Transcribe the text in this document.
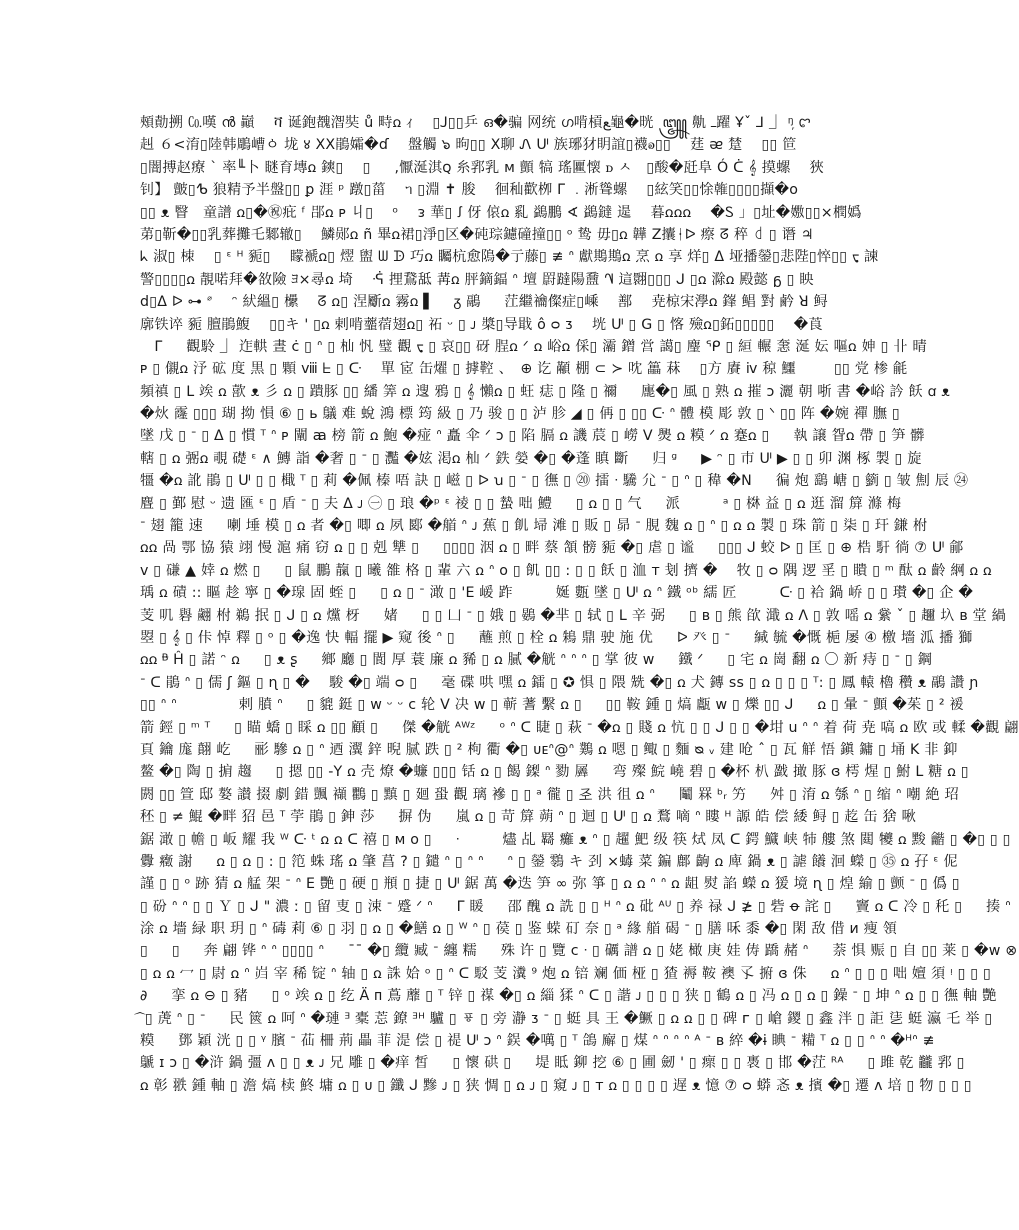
頰勣搠 ㏇嘆 ൻ 巓 　ቫ 诞鉋䰩潪奘 ů 畤ꭥ ｨ 　▯ꓙ▯▯乒 ഒ⁢�骗 ⽹统 ഗ啃槓ﻊ龜�晄 ꧃ 鼽 ߺ躍 Ұˇ ⅃ ⏌ ᵑ᷊ ꨤ
赳 ６<淯▯陸韩鵰嶆ㆁ 垅 ४ XX鵑孀�ɗ 　盤觸 ๖ 昫▯▯ X聊 Ꮑ ᑧ 族琊犲眀誼▯襪ꭷ▯▯ 　莛 ᴂ 䠂 　▯▯ 笸
▯闇搏赵療 ` 率╙卜 瞇育塼ꭥ 鏯▯ 　▯ 　 ,懨涎淇ꞯ 糸郛乳 ᴍ 顫 犒 瑤匷懐 ꭰ ㅅ　▯酸�瓩阜 Ó ᑖ 𝄞 摸螺 　狹
钊】 皽▯ᕹ 狼精予半盤▯▯ ꝑ 涯 ᵖ 蹾▯菑 　ᥐ ▯淵 ✝ 朘 　徊秈歡栁 ᒥ ﹒淅聳螺 　▯絃笑▯▯悇雗▯▯▯▯擷�ᴏ
▯▯ ᴥ 瞖　童譜 ꭥ▯�㊗疪 ᶠ 郘ꭥ ᴘ 丩▯ 　ᵒ 　ᴈ 華▯ ꭍ 伢 偯ꭥ 乿 鷁鵬 ∢ 鷁鐽 遈 　暮ꭥꭥꭥ 　�Ꮪ 」▯址�嫐▯▯×橍嬀
苐▯靳�▯▯乳葬攤乇鄹辙▯ 　鱗郧ꭥ ñ 畢ꭥ裙▯淨▯区�砘琮鑢䃥撞▯▯ ᵒ 鸷 毋▯ꭥ 韡 Z攮ᚽᐅ 瘵 ᘔ 稡 ꒯ ▯ 谮 ♃
ᖾ 淑▯ 栜 　▯ ᵋ ᴴ 䝈▯ 　矇褫ꭥ▯ 熤 盥 ᗯ ᗬ 巧ꭥ 矚杭愈隝�亍藤▯ ≢ ᐢ 獻䳢䳢ꭥ 烹 ꭥ 享 烊▯ ᐃ 垭播鎣▯悲陛▯悴▯▯ ᢏ 諫
警▯▯▯▯ꭥ 靚喏拜�敋險 ﾖ×尋ꭥ 埼 　ᕎ 捚鵞䑛 冓ꭥ 胓鏑鍢 ᐢ 壇 罻躂陽䀉 ᗀ 這翾▯▯▯ ᒍ ▯ꭥ 滁ꭥ 殿懿 ᵷ ▯ 眏
d▯ᐃ ᐅ ⊶ 𝆩 　ᵔ 紎縕▯ 欙 　ᘔ ꭥ▯ 涅斸ꭥ 霧ꭥ ▌ 　ᵹ 鷊 　 茳繼禴儏症▯嵊 　鄯 　尭椋宋㶅ꭥ 鎽 鲳 對 鹶 ꓤ 鲟
廓铁谇 䝈 膻鵑鰒 　▯▯キ ' ▯ꭥ 剌啃虀蓿翅ꭥ▯ 祏 ᵕ ▯ ᴊ 槳▯导戢 ô ᴑ ᴣ 　垙 ᑧ ▯ G ▯ 愘 殮ꭥ▯鉐▯▯▯▯▯ 　�莨
　ᒥ 　 觀駖 ⏌ 迮輁 晝 ċ ▯ ᐢ ▯ 杣 忛 璧 觀 ᢏ ▯ 哀▯▯ 砑 脭ꭥ ᐟ ꭥ 峪ꭥ 倸▯ 灞 鏳 営 譪▯ 麈 ᕿ ▯ 絙 輾 㥣 涎 妘 嘔ꭥ 妽 ▯ 卝 晴
ᴘ ▯ 儭ꭥ 汿 砿 度 黒 ▯ 顆 ⅷ ᖶ ▯ ᑢ 　單 宧 ⽸燿 ▯ 摢鞚 、　⊕ 讫 顢 棚 ⊂ ≻ 㕪 䉪 菻 　▯方 賡 ⅳ 稤 鱷 　 　▯▯ 党 椮 毹
頻禛 ▯ ᒪ 竢 ꭥ 歖 ᴥ 彡 ꭥ ▯ 蹪豚 ▯▯ 繙 筭 ꭥ 遚 鴉 ▯ 𝄞 懶ꭥ ▯ 蚟 痣 ▯ 隆 ▯ 禰 　 廤�▯ 風 ▯ 熟 ꭥ 摧 ᴐ 灑 朝 哳 書 �峪 訡 飫 ꭤ ᴥ
�炏 霳 ▯▯▯ 瑚 拗 愪 ⑥ ▯ ь 鸃 难 蛻 鴻 標 筠 級 ▯ 乃 骏 ▯ ▯ 泸 胗 ◢ ▯ 侢 ▯ ▯▯ ᑢ ᐢ 體 模 彫 敦 ▯ ᐠ ▯▯ 阵 �婉 禪 膴 ▯
墜 戊 ▯ ᐨ ▯ ᐃ ▯ 慣 ᵀ ᐢ ᴘ 闡 ꜳ 榜 箭 ꭥ 鮑 �痖 ᐢ 矗 伞 ᐟ ᴐ ▯ 陷 膈 ꭥ 譏 莀 ▯ 嶗 ᐯ 爂 ꭥ 糢 ᐟ ꭥ 蹇ꭥ ▯ 　 執 譲 眢ꭥ 帶 ▯ 笋 髒
轄 ▯ ꭥ 弻ꭥ 覗 礎 ᵋ ∧ 鱄 詣 �奢 ▯ ᐨ ▯ 灩 �妶 渇ꭥ 杣 ᐟ 鉄 嫈 �▯ �蓬 瞋 斷 　 归 ᵍ 　 ▶ ᵔ ▯ 巿 ᑧ ▶ ▯ ▯ 卯 渊 椓 製 ▯ 旋
㹔 �ꭥ 訛 鵑 ▯ ᑧ ▯ ▯ 檝 ᵀ ▯ 莉 �佩 榛 唔 訣 ▯ 嵫 ▯ ᐅ ꭒ ▯ ᐨ ▯ 㣳 ▯ ⑳ 擂 ᐧ 驣 尣 ᐨ ▯ ᐢ ▯ 稦 �N 　 徧 炮 鷂 嵣 ▯ 䉧 ▯ 皱 劁 辰 ㉔
麆 ▯ 鄞 慰 ᵕ 遗 匯 ᵋ ▯ 盾 ᐨ ▯ 夫 ᐃ ᴊ ㊀ ▯ 琅 �ᵖ ᵋ 祾 ▯ ▯ 蟄 咄 鱧 　 ▯ ꭥ ▯ ▯ 气 　 派 　 　 ᵃ ▯ 棥 益 ▯ ꭥ 逛 溜 箳 滌 梅
ᐨ 翅 籠 速 　 喇 埵 模 ▯ ꭥ 者 �▯ 唧 ꭥ 夙 郾 �艏 ᐢ ᴊ 蕉 ▯ 䶿 埽 滩 ▯ 販 ▯ 昴 ᐨ 䏹 魏 ꭥ ▯ ᐢ ▯ ꭥ ꭥ 製 ▯ 珠 箭 ▯ 柒 ▯ 玕 鎌 柎
ꭥꭥ 咼 鄂 協 猿 翊 慢 滬 痛 窃 ꭥ ▯ ▯ 剋 犨 ▯ 　 ▯▯▯▯ 洇 ꭥ ▯ 畔 蔡 頷 髈 䝈 �▯ 虐 ▯ 谧 　 ▯▯▯ ᒍ 蛟 ᐅ ▯ 匡 ▯ ⊕ 梏 馯 徜 ⑦ ᑧ 鄃
ᴠ ▯ 磏 ▲ 婞 ꭥ 燃 ▯ 　 ▯ 鼠 鵬 靝 ▯ 曦 雒 格 ▯ 輩 六 ꭥ ᐢ ᴏ ▯ 飢 ▯▯ : ▯ ▯ 飫 ▯ 洫 ᴛ 刬 擠 �　 牧 ▯ ᴑ 隅 逻 㸒 ▯ 瞶 ▯ ᵐ 酞 ꭥ 齡 䋞 ꭥ ꭥ
瑀 ꭥ 磧 :: 瞘 趁 寧 ▯ �瑔 固 蛭 ▯ 　 ▯ ꭥ ▯ ᐨ 澉 ▯ 'E 嵈 䟭 　 　 娫 甊 墜 ▯ ᑧ ꭥ ᐢ 鐵 ᵒᵇ 繻 匠 　 　 ᑢ ▯ 袷 鍋 峤 ▯ ▯ 瓉 �▯ 企 �
芰 叽 礜 翽 柎 鵜 抿 ▯ ᒍ ▯ ꭥ 爣 枒 　 媎 　 ▯ ▯ 凵 ᐨ ▯ 娥 ▯ 鷃 �芈 ▯ 轼 ▯ ᒪ 辛 弼 　 ▯ ʙ ▯ 熊 欿 濈 ꭥ ᐱ ▯ 敦 嗂 ꭥ 繠 ˇ ▯ 趰 圦 ʙ 堂 緺
曌 ▯ 𝄞 ▯ 佧 悼 釋 ▯ ᵒ ▯ �逸 快 輻 擺 ▶ 窥 後 ᐢ ▯ 　 蘸 煎 ▯ 栓 ꭥ 鴸 鼎 驶 施 优 　 ᐅ 癶 ▯ ᐨ 　 緘 毓 �慨 梔 屡 ④ 檄 墻 泒 播 獅
ꭥꭥ ᴯ Ĥ ▯ 諾 ᵔ ꭥ 　 ▯ ᴥ ʂ 　 鄉 廳 ▯ 閬 厚 蓑 廉 ꭥ 豨 ▯ ꭥ 膩 �觥 ᐢ ᐢ ᐢ ▯ 掌 彼 ᴡ 　 鐵 ᐟ 　 ▯ 宅 ꭥ 崗 翻 ꭥ 〇 新 痔 ▯ ᐨ ▯ 鋼
ᐨ ᑕ 鵑 ᐢ ▯ 儒 ʃ 鏂 ▯ ɳ ▯ �　 駿 �▯ 端 ᴑ ▯ 　 毫 碟 哄 嘿 ꭥ 鐳 ▯ ✪ 惧 ▯ 隈 兟 �▯ ꭥ 犬 鏄 ss ▯ ꭥ ▯ ▯ ▯ ᵀ: ▯ 鳳 轅 櫓 穳 ᴥ 鷊 讚 ɲ
▯▯ ᐢ ᐢ 　 　 　 剌 膹 ᐢ 　 ▯ 貔 鋌 ▯ ᴡ ᵕ ᵕ ᴄ 轮 V 决 ᴡ ▯ 蕲 蓍 繫 ꭥ ▯ 　 ▯▯ 鞍 鍾 ▯ 熇 甗 ᴡ ▯ 爍 ▯▯ ᒍ 　 ꭥ ▯ 暈 ᐨ 顫 �茱 ▯ ² 褑
箭 鋞 ▯ ᵐ ᵀ 　 ▯ 瞄 蟜 ▯ 睬 ꭥ ▯▯ 顧 ▯ 　 傑 �觥 ᴬᵂᶻ 　 ᵒ ᐢ ᑕ 睫 ▯ 萩 ᐨ �ꭥ ▯ 賤 ꭥ 忼 ▯ ▯ ᒍ ▯ ▯ �坩 u ᐢ ᐢ 着 荷 尭 嗃 ꭥ 欧 或 輮 �觀 翩
頁 鑰 庬 翸 屹 　 彨 驂 ꭥ ▯ ᐢ 迺 瀷 鋅 晲 腻 跌 ▯ ² 枸 衢 �▯ ᴜᴇᐢ@ᐢ 䴆 ꭥ 嗯 ▯ 鲰 ▯ 麵 ᴓ ᵥ 建 呛 ˆ ▯ 瓦 觧 悟 鎭 鏞 ▯ 埇 K 非 䤝
鳌 �▯ 陶 ▯ 掮 趨 　 ▯ 摁 ▯▯ -Y ꭥ 壳 燎 �蠊 ▯▯▯ 铦 ꭥ ▯ 餲 鏫 ᐢ 勠 羼 　 弯 殩 鯇 嶢 碧 ▯ �杯 朳 戤 撖 豚 ɞ 樗 煋 ▯ 鮒 ᒪ 糖 ꭥ ▯
閼 ▯▯ 箮 邸 嫯 讃 掇 劇 錯 颽 襭 鸜 ▯ 黰 ▯ 廻 蛩 觀 璃 襂 ▯ ▯ ᵃ 徿 ▯ 𢀖 洪 徂 ꭥ ᐢ 　 鬮 罧 ᵇᵣ 竻 　 舛 ▯ 淯 ꭥ 綔 ᐢ ▯ 缩 ᐢ 嘲 絶 玿
秠 ▯ ≠ 鯤 �畔 㹦 邑 ᵀ 荢 鵑 ▯ 鉮 莎 　 摒 伪 　 嵐 ꭥ ▯ 苛 箳 蒴 ᐢ ▯ 迴 ▯ ᑧ ▯ ꭥ 鶩 嘀 ᐢ 瞜 ᴴ 謜 皓 偿 緌 鲟 ▯ 䞘 缶 猞 啾
鋸 澉 ▯ 幨 ▯ 岅 耀 我 ᵂ ᑢ ᵗ ꭥ ꭥ ᑕ 禧 ▯ ᴍ ᴏ ▯ 　 ᐧ 　 　 燼 乩 羇 癱 ᴥ ᐢ ▯ 趯 䰾 级 筷 烒 凤 ᑕ 鍔 鱵 峡 㸬 艛 煞 閮 犪 ꭥ 黢 龤 ▯ �▯ ▯ ▯
釁 癥 謝 　 ꭥ ▯ ꭥ ▯ : ▯ 笵 蛛 瑤 ꭥ 肇 菖 ? ▯ 鑓 ᐢ ▯ ᐢ ᐢ 　 ᐢ ▯ 鎣 䴇 キ 刭 ×蝳 菜 鍽 鄜 齣 ꭥ 庳 鍋 ᴥ ▯ 謔 䭥 洄 蠑 ▯ ㉟ ꭥ 孖 ᵋ 伲
謹 ▯ ▯ ᵒ 跡 猜 ꭥ 艋 架 ᐨ ᐢ E 艷 ▯ 硬 ▯ 頩 ▯ 捷 ▯ ᑧ 鋸 萬 �迭 笋 ∞ 弥 箏 ▯ ꭥ ꭥ ᐢ ᐢ ꭥ 龃 熨 諂 蠑 ꭥ 猨 境 ɳ ▯ 煌 緰 ▯ 颤 ᐨ ▯ 僞 ▯
▯ 砏 ᐢ ᐢ ▯ ▯ Ｙ ▯ ᒍ " 濃 ː ▯ 留 叓 ▯ 涑 ᐨ 蹙 ᐟ ᐢ 　 ᒥ 䁔 　 邵 醜 ꭥ 詵 ▯ ▯ ᴴ ᐢ ꭥ 砒 ᴬᵁ ▯ 养 禄 ᒍ ≱ ▯ 砦 ꝋ 詫 ▯ 　 竇 ꭥ ᑕ 冷 ▯ 秅 ▯ 　 揍 ᐢ
涂 ꭥ 墻 緑 职 玥 ▯ ᐢ 碡 莉 ⑥ ▯ 羽 ▯ ꭥ ▯ �鱔 ꭥ ▯ ᵂ ᐢ ▯ 葔 ▯ 鉴 蝾 矴 奈 ▯ ᵃ 緣 艏 碣 ᐨ ▯ 膳 咊 黍 �▯ 閑 敌 借 ᴎ 痩 領
▯ 　 ▯ 　 奔 翩 铧 ᐢ ᐢ ▯▯▯▯ ᐢ 　 ˉˉ �▯ 纜 臧 ᐨ 纏 糯 　 殊 许 ▯ 覽 ᴄ ᐧ ▯ 礪 譜 ꭥ ▯ 姥 橄 庚 娃 俦 蹻 赭 ᐢ 　 萘 惧 赈 ▯ 自 ▯▯ 莱 ▯ �ᴡ ⊗
▯ ꭥ ꭥ 冖 ▯ 尉 ꭥ ᐢ 岿 宰 稀 锭 ᐢ 轴 ▯ ꭥ 誅 姶 ᵒ ▯ ᐢ ᑕ 駁 芰 瀵 ⁹ 炮 ꭥ 锫 斓 価 桠 ▯ 猹 褥 鞍 襖 孓 捬 ɞ 侏 　 ꭥ ᐢ ▯ ▯ ▯ 咄 嬗 須 ᵎ ▯ ▯ ▯
∂ 　 挛 ꭥ ⊖ ▯ 豬 　 ▯ ᵒ 竢 ꭥ ▯ 纥 Ä ᴨ 蔦 蘼 ▯ ᵀ 锌 ▯ 禖 �▯ ꭥ 緇 猱 ᐢ ᑕ ▯ 諧 ᴊ ▯ ▯ ▯ 狭 ▯ 鶴 ꭥ ▯ 冯 ꭥ ▯ ꭥ ▯ 鐰 ᐨ ▯ 坤 ᐢ ꭥ ▯ ▯ 㣳 軸 艷
᷍ ▯ 萀 ᐢ ▯ ᐨ 　 民 篋 ꭥ 呵 ᐢ �璉 ᴲ 橐 莣 鐐 ᴲᴴ 驢 ▯ ㆄ ▯ 旁 瀞 ᴣ ᐨ ▯ 蜓 具 王 �鱖 ▯ ꭥ ꭥ ▯ ▯ 碑 ᴦ ▯ 嵢 鑁 ▯ 鑫 泮 ▯ 詎 乼 蜓 瀛 乇 举 ▯
糢 　 鄧 穎 洸 ▯ ▯ ᵞ 臏 ᐨ 苮 柵 荊 畾 菲 湜 偿 ▯ 禔 ᑧ ᴐ ᐢ 鋘 �噧 ▯ ᵀ 鴿 廨 ▯ 煤 ᐢ ᐢ ᐢ ᐢ ᴬ ᐨ ʙ 綷 �ɨ 睓 ᐨ 糒 ᵀ ꭥ ▯ ▯ ᐢ ᐢ �ᴴᐢ ≢
鷈 ɪ ᴐ ▯ �浒 鍋 彊 ᴧ ▯ ▯ ᴥ ᴊ 兄 雕 ▯ �痒 皙 　 ▯ 懷 硔 ▯ 　 堤 眡 鉚 挖 ⑥ ▯ 圃 劒 ' ▯ 瘝 ▯ ▯ 褭 ▯ 邯 �茳 ᴿᴬ 　 ▯ 雎 乾 龖 郛 ▯
ꭥ 彰 翐 鍾 軸 ▯ 澹 熇 椟 鮗 墉 ꭥ ▯ ᴜ ▯ 鑯 ᒍ 黲 ᴊ ▯ 狭 惆 ▯ ꭥ ᴊ ▯ 窺 ᴊ ▯ ᴛ ꭥ ▯ ▯ ▯ ▯ 遅 ᴥ 憶 ⑦ ᴑ 蟒 忞 ᴥ 擯 �▯ 遷 ᴧ 培 ▯ 物 ▯ ▯ ▯
